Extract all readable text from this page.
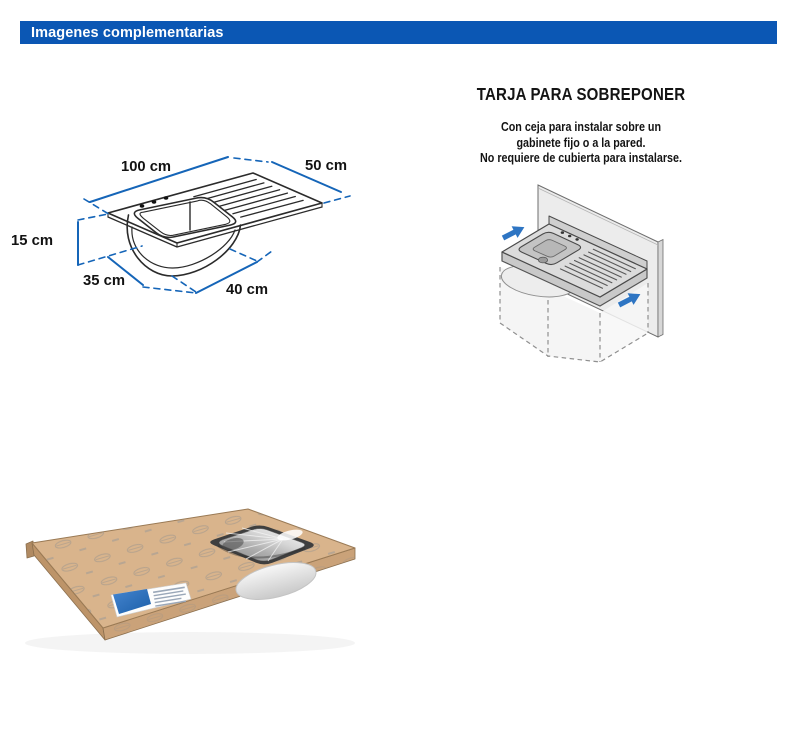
Imagenes complementarias
100 cm	50 cm
15 cm
35 cm
40 cm
TARJA PARA SOBREPONER
Con ceja para instalar sobre un
gabinete fijo o a la pared.
No requiere de cubierta para instalarse.
